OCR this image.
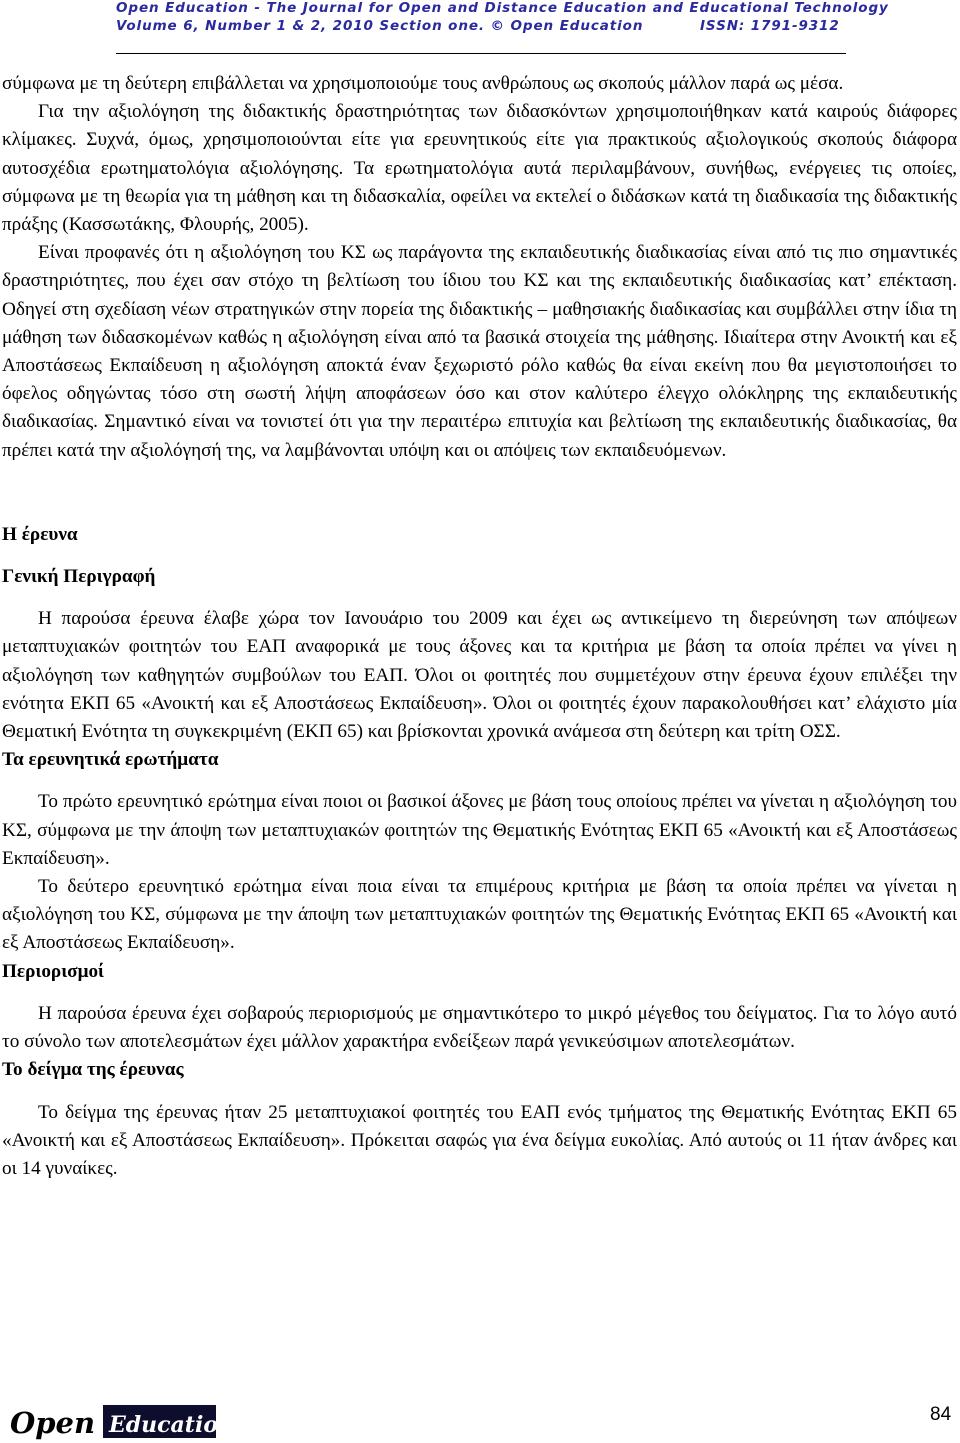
Open Education - The Journal for Open and Distance Education and Educational Technology
Volume 6, Number 1 & 2, 2010 Section one. © Open Education	ISSN: 1791-9312

σύμφωνα με τη δεύτερη επιβάλλεται να χρησιμοποιούμε τους ανθρώπους ως σκοπούς μάλλον παρά ως μέσα.

Για την αξιολόγηση της διδακτικής δραστηριότητας των διδασκόντων χρησιμοποιήθηκαν κατά καιρούς διάφορες κλίμακες. Συχνά, όμως, χρησιμοποιούνται είτε για ερευνητικούς είτε για πρακτικούς αξιολογικούς σκοπούς διάφορα αυτοσχέδια ερωτηματολόγια αξιολόγησης. Τα ερωτηματολόγια αυτά περιλαμβάνουν, συνήθως, ενέργειες τις οποίες, σύμφωνα με τη θεωρία για τη μάθηση και τη διδασκαλία, οφείλει να εκτελεί ο διδάσκων κατά τη διαδικασία της διδακτικής πράξης (Κασσωτάκης, Φλουρής, 2005).

Είναι προφανές ότι η αξιολόγηση του ΚΣ ως παράγοντα της εκπαιδευτικής διαδικασίας είναι από τις πιο σημαντικές δραστηριότητες, που έχει σαν στόχο τη βελτίωση του ίδιου του ΚΣ και της εκπαιδευτικής διαδικασίας κατ’ επέκταση. Οδηγεί στη σχεδίαση νέων στρατηγικών στην πορεία της διδακτικής – μαθησιακής διαδικασίας και συμβάλλει στην ίδια τη μάθηση των διδασκομένων καθώς η αξιολόγηση είναι από τα βασικά στοιχεία της μάθησης. Ιδιαίτερα στην Ανοικτή και εξ Αποστάσεως Εκπαίδευση η αξιολόγηση αποκτά έναν ξεχωριστό ρόλο καθώς θα είναι εκείνη που θα μεγιστοποιήσει το όφελος οδηγώντας τόσο στη σωστή λήψη αποφάσεων όσο και στον καλύτερο έλεγχο ολόκληρης της εκπαιδευτικής διαδικασίας. Σημαντικό είναι να τονιστεί ότι για την περαιτέρω επιτυχία και βελτίωση της εκπαιδευτικής διαδικασίας, θα πρέπει κατά την αξιολόγησή της, να λαμβάνονται υπόψη και οι απόψεις των εκπαιδευόμενων.

Η έρευνα
Γενική Περιγραφή

Η παρούσα έρευνα έλαβε χώρα τον Ιανουάριο του 2009 και έχει ως αντικείμενο τη διερεύνηση των απόψεων μεταπτυχιακών φοιτητών του ΕΑΠ αναφορικά με τους άξονες και τα κριτήρια με βάση τα οποία πρέπει να γίνει η αξιολόγηση των καθηγητών συμβούλων του ΕΑΠ. Όλοι οι φοιτητές που συμμετέχουν στην έρευνα έχουν επιλέξει την ενότητα ΕΚΠ 65 «Ανοικτή και εξ Αποστάσεως Εκπαίδευση». Όλοι οι φοιτητές έχουν παρακολουθήσει κατ’ ελάχιστο μία Θεματική Ενότητα τη συγκεκριμένη (ΕΚΠ 65) και βρίσκονται χρονικά ανάμεσα στη δεύτερη και τρίτη ΟΣΣ.

Τα ερευνητικά ερωτήματα

Το πρώτο ερευνητικό ερώτημα είναι ποιοι οι βασικοί άξονες με βάση τους οποίους πρέπει να γίνεται η αξιολόγηση του ΚΣ, σύμφωνα με την άποψη των μεταπτυχιακών φοιτητών της Θεματικής Ενότητας ΕΚΠ 65 «Ανοικτή και εξ Αποστάσεως Εκπαίδευση».

Το δεύτερο ερευνητικό ερώτημα είναι ποια είναι τα επιμέρους κριτήρια με βάση τα οποία πρέπει να γίνεται η αξιολόγηση του ΚΣ, σύμφωνα με την άποψη των μεταπτυχιακών φοιτητών της Θεματικής Ενότητας ΕΚΠ 65 «Ανοικτή και εξ Αποστάσεως Εκπαίδευση».

Περιορισμοί

Η παρούσα έρευνα έχει σοβαρούς περιορισμούς με σημαντικότερο το μικρό μέγεθος του δείγματος. Για το λόγο αυτό το σύνολο των αποτελεσμάτων έχει μάλλον χαρακτήρα ενδείξεων παρά γενικεύσιμων αποτελεσμάτων.

Το δείγμα της έρευνας

Το δείγμα της έρευνας ήταν 25 μεταπτυχιακοί φοιτητές του ΕΑΠ ενός τμήματος της Θεματικής Ενότητας ΕΚΠ 65 «Ανοικτή και εξ Αποστάσεως Εκπαίδευση». Πρόκειται σαφώς για ένα δείγμα ευκολίας. Από αυτούς οι 11 ήταν άνδρες και οι 14 γυναίκες.

Open Education	84
